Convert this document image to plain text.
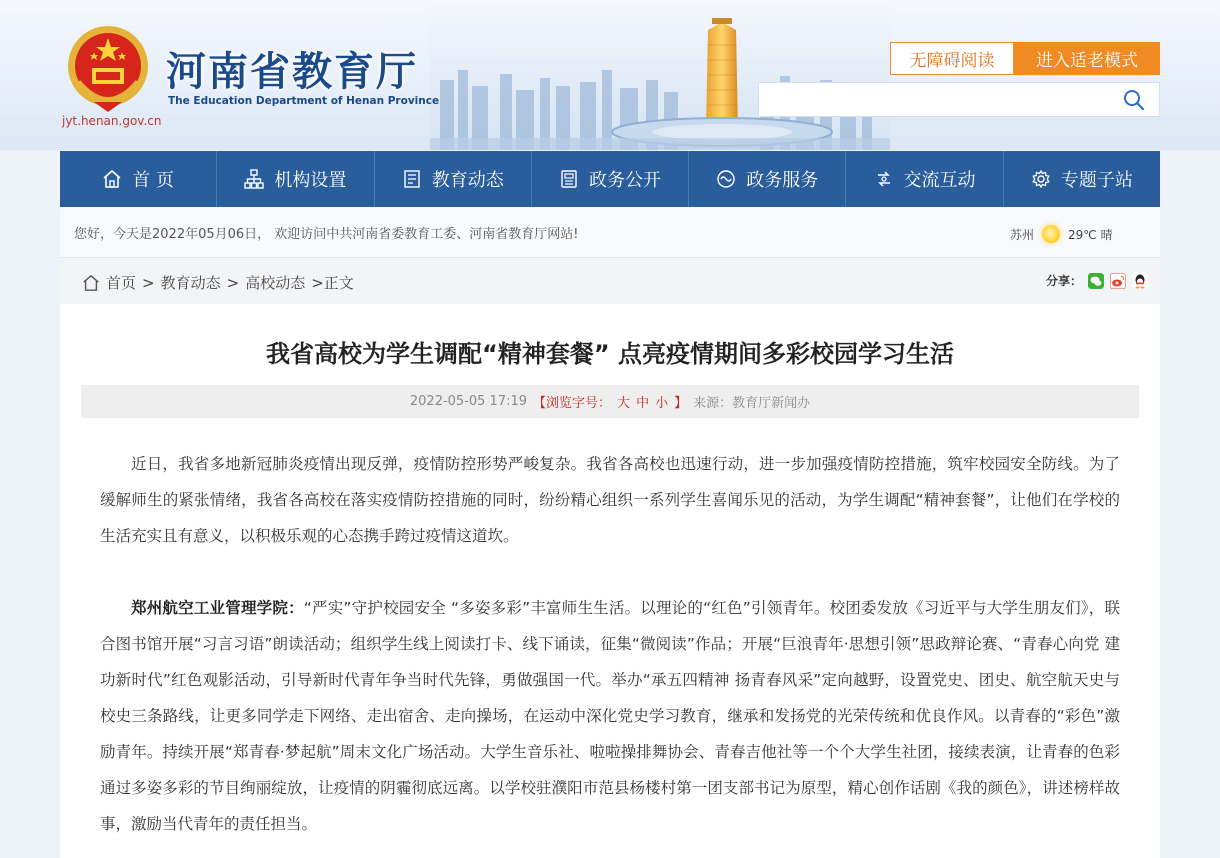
河南省教育厅
The Education Department of Henan Province
jyt.henan.gov.cn
无障碍阅读	进入适老模式
首 页	机构设置	教育动态	政务公开	政务服务	交流互动	专题子站
您好，今天是2022年05月06日， 欢迎访问中共河南省委教育工委、河南省教育厅网站!	苏州	29℃ 晴
首页 > 教育动态 > 高校动态 >正文	分享：
我省高校为学生调配“精神套餐” 点亮疫情期间多彩校园学习生活
2022-05-05 17:19 【浏览字号： 大 中 小 】 来源：教育厅新闻办

近日，我省多地新冠肺炎疫情出现反弹，疫情防控形势严峻复杂。我省各高校也迅速行动，进一步加强疫情防控措施，筑牢校园安全防线。为了缓解师生的紧张情绪，我省各高校在落实疫情防控措施的同时，纷纷精心组织一系列学生喜闻乐见的活动，为学生调配“精神套餐”，让他们在学校的生活充实且有意义，以积极乐观的心态携手跨过疫情这道坎。

郑州航空工业管理学院：“严实”守护校园安全 “多姿多彩”丰富师生生活。以理论的“红色”引领青年。校团委发放《习近平与大学生朋友们》，联合图书馆开展“习言习语”朗读活动；组织学生线上阅读打卡、线下诵读，征集“微阅读”作品；开展“巨浪青年·思想引领”思政辩论赛、“青春心向党 建功新时代”红色观影活动，引导新时代青年争当时代先锋，勇做强国一代。举办“承五四精神 扬青春风采”定向越野，设置党史、团史、航空航天史与校史三条路线，让更多同学走下网络、走出宿舍、走向操场，在运动中深化党史学习教育，继承和发扬党的光荣传统和优良作风。以青春的“彩色”激励青年。持续开展“郑青春·梦起航”周末文化广场活动。大学生音乐社、啦啦操排舞协会、青春吉他社等一个个大学生社团，接续表演，让青春的色彩通过多姿多彩的节目绚丽绽放，让疫情的阴霾彻底远离。以学校驻濮阳市范县杨楼村第一团支部书记为原型，精心创作话剧《我的颜色》，讲述榜样故事，激励当代青年的责任担当。
